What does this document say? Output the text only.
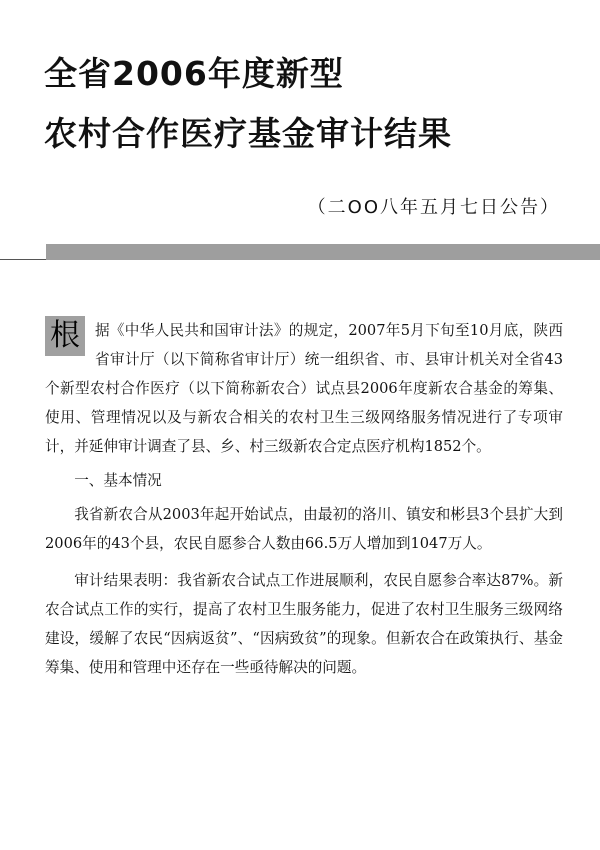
全省2006年度新型
农村合作医疗基金审计结果

（二OO八年五月七日公告）

根	据《中华人民共和国审计法》的规定，2007年5月下旬至10月底，陕西省审计厅（以下简称省审计厅）统一组织省、市、县审计机关对全省43个新型农村合作医疗（以下简称新农合）试点县2006年度新农合基金的筹集、使用、管理情况以及与新农合相关的农村卫生三级网络服务情况进行了专项审计，并延伸审计调查了县、乡、村三级新农合定点医疗机构1852个。

一、基本情况

我省新农合从2003年起开始试点，由最初的洛川、镇安和彬县3个县扩大到2006年的43个县，农民自愿参合人数由66.5万人增加到1047万人。

审计结果表明：我省新农合试点工作进展顺利，农民自愿参合率达87%。新农合试点工作的实行，提高了农村卫生服务能力，促进了农村卫生服务三级网络建设，缓解了农民“因病返贫”、“因病致贫”的现象。但新农合在政策执行、基金筹集、使用和管理中还存在一些亟待解决的问题。
